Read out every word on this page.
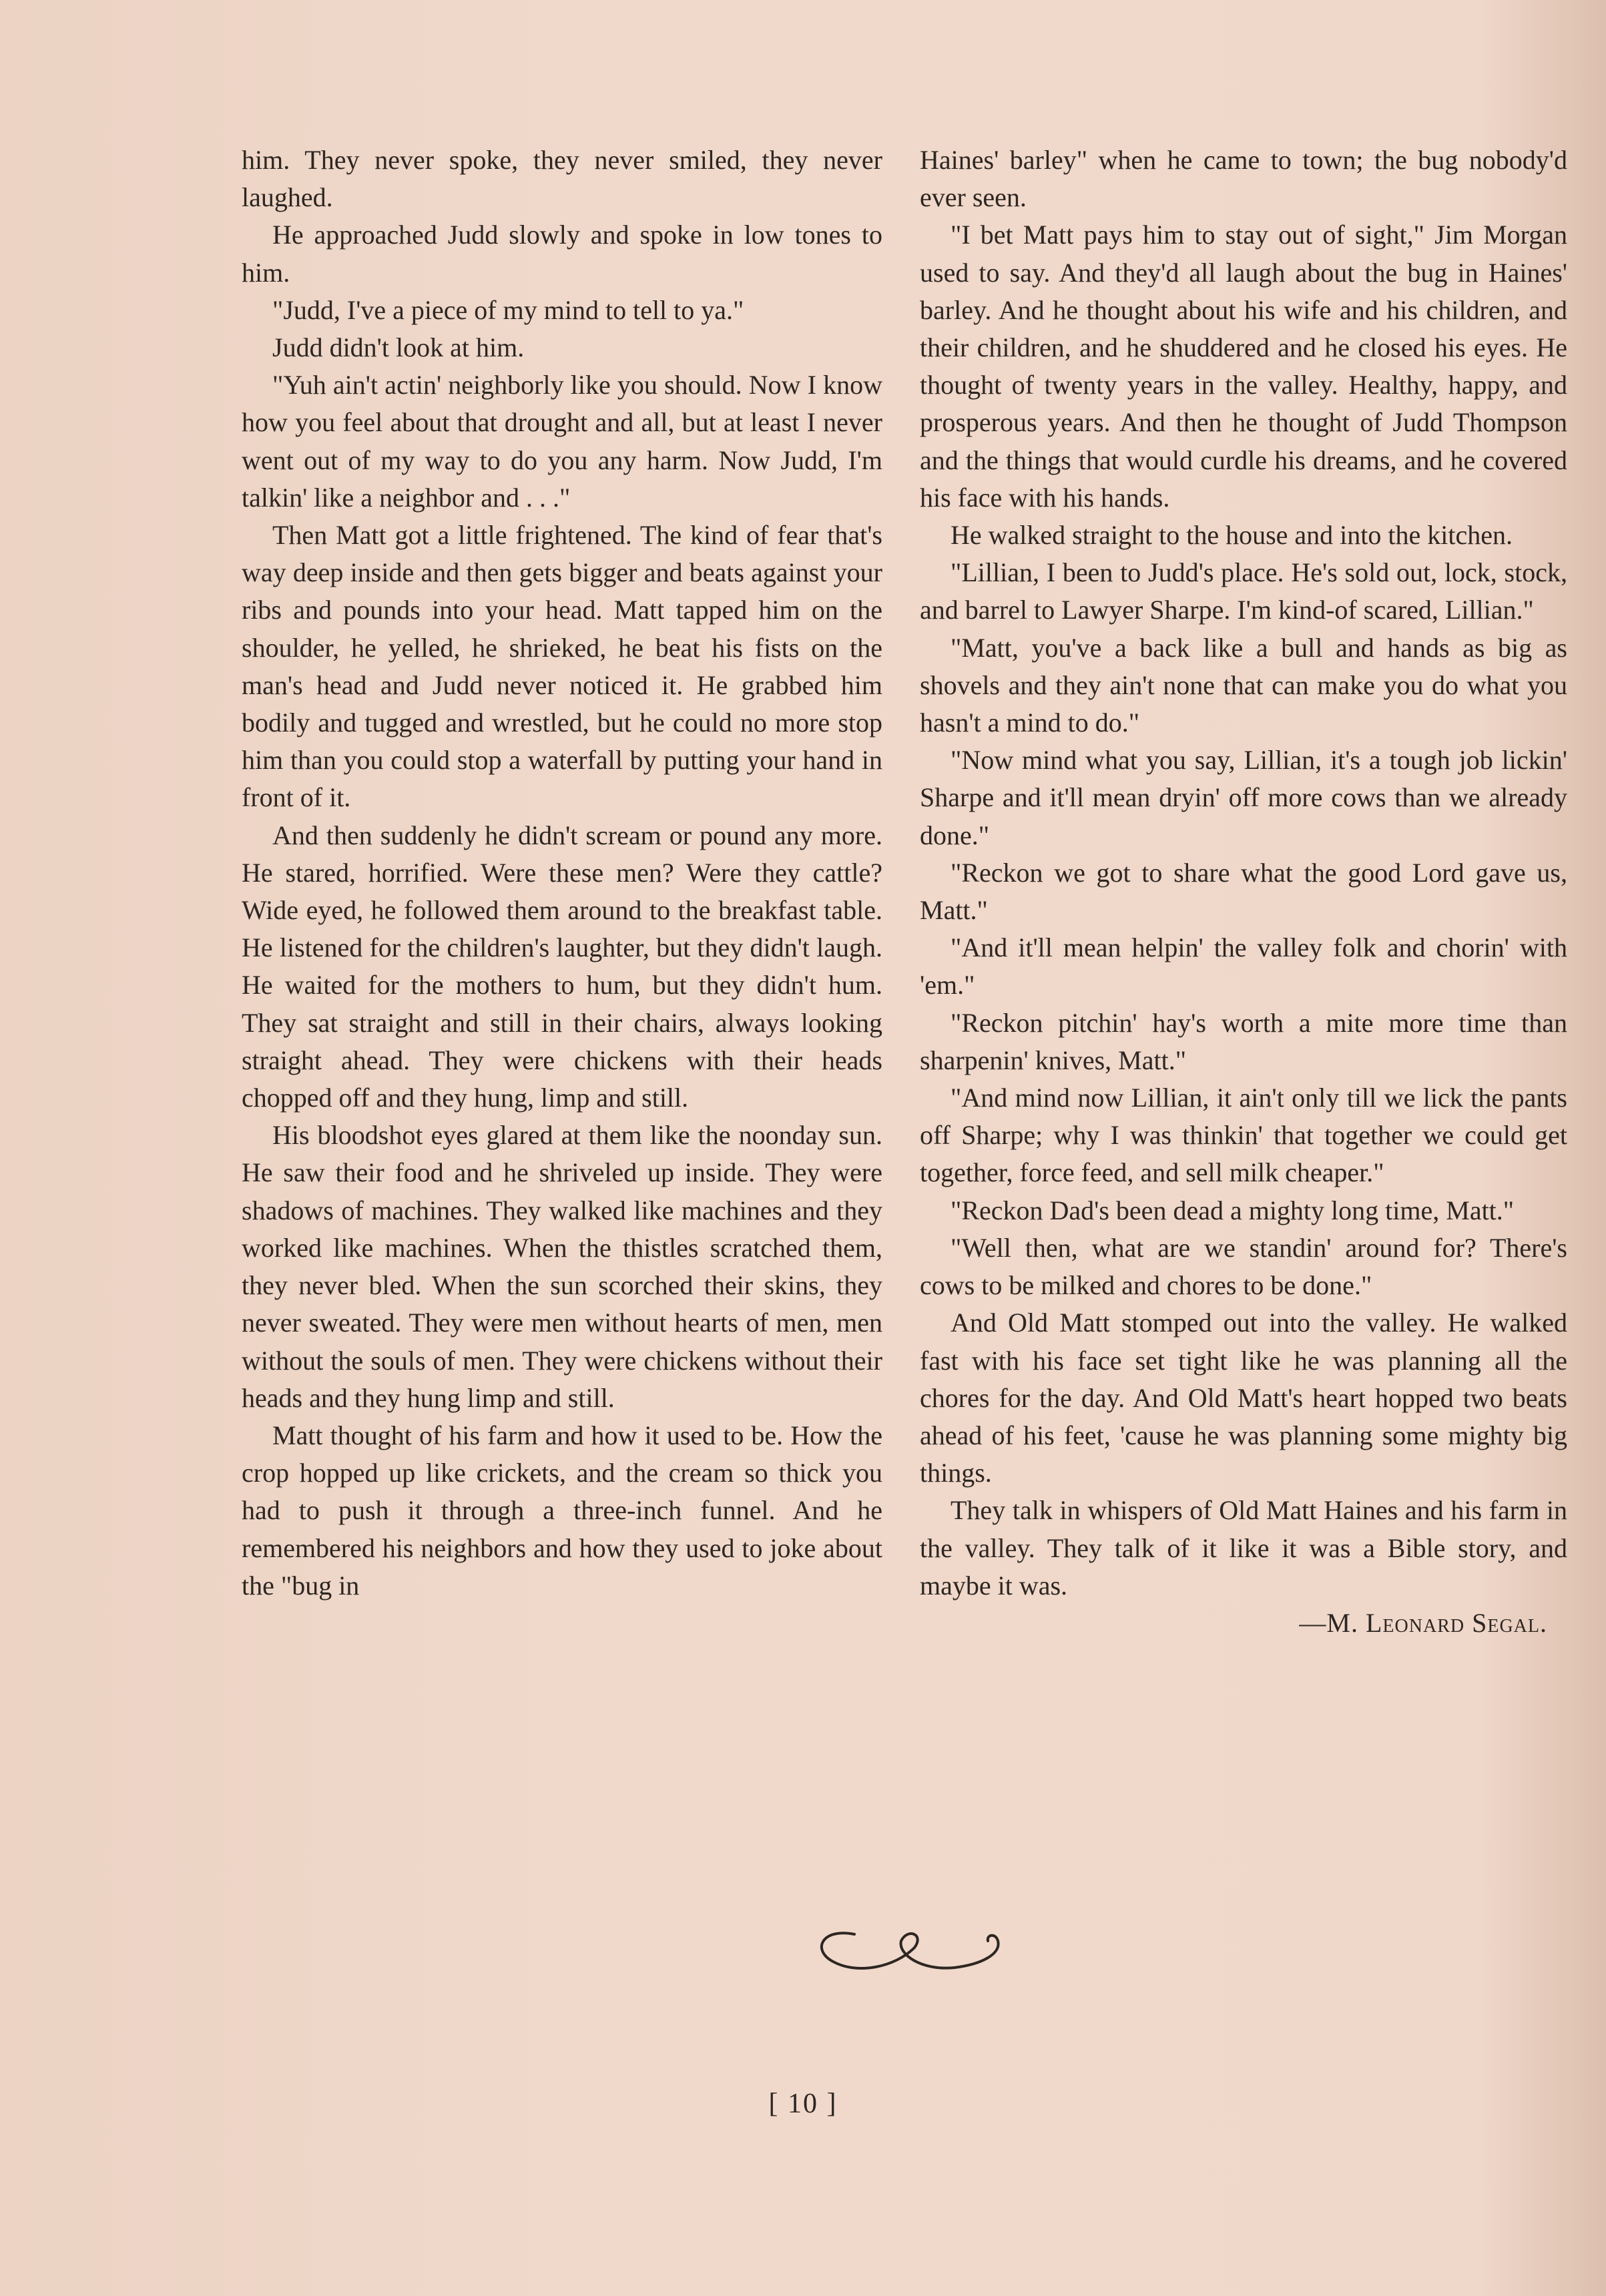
him. They never spoke, they never smiled, they never laughed.

He approached Judd slowly and spoke in low tones to him.

"Judd, I've a piece of my mind to tell to ya."

Judd didn't look at him.

"Yuh ain't actin' neighborly like you should. Now I know how you feel about that drought and all, but at least I never went out of my way to do you any harm. Now Judd, I'm talkin' like a neighbor and . . ."

Then Matt got a little frightened. The kind of fear that's way deep inside and then gets bigger and beats against your ribs and pounds into your head. Matt tapped him on the shoulder, he yelled, he shrieked, he beat his fists on the man's head and Judd never noticed it. He grabbed him bodily and tugged and wrestled, but he could no more stop him than you could stop a waterfall by putting your hand in front of it.

And then suddenly he didn't scream or pound any more. He stared, horrified. Were these men? Were they cattle? Wide eyed, he followed them around to the breakfast table. He listened for the children's laughter, but they didn't laugh. He waited for the mothers to hum, but they didn't hum. They sat straight and still in their chairs, always looking straight ahead. They were chickens with their heads chopped off and they hung, limp and still.

His bloodshot eyes glared at them like the noonday sun. He saw their food and he shriveled up inside. They were shadows of machines. They walked like machines and they worked like machines. When the thistles scratched them, they never bled. When the sun scorched their skins, they never sweated. They were men without hearts of men, men without the souls of men. They were chickens without their heads and they hung limp and still.

Matt thought of his farm and how it used to be. How the crop hopped up like crickets, and the cream so thick you had to push it through a three-inch funnel. And he remembered his neighbors and how they used to joke about the "bug in

Haines' barley" when he came to town; the bug nobody'd ever seen.

"I bet Matt pays him to stay out of sight," Jim Morgan used to say. And they'd all laugh about the bug in Haines' barley. And he thought about his wife and his children, and their children, and he shuddered and he closed his eyes. He thought of twenty years in the valley. Healthy, happy, and prosperous years. And then he thought of Judd Thompson and the things that would curdle his dreams, and he covered his face with his hands.

He walked straight to the house and into the kitchen.

"Lillian, I been to Judd's place. He's sold out, lock, stock, and barrel to Lawyer Sharpe. I'm kind-of scared, Lillian."

"Matt, you've a back like a bull and hands as big as shovels and they ain't none that can make you do what you hasn't a mind to do."

"Now mind what you say, Lillian, it's a tough job lickin' Sharpe and it'll mean dryin' off more cows than we already done."

"Reckon we got to share what the good Lord gave us, Matt."

"And it'll mean helpin' the valley folk and chorin' with 'em."

"Reckon pitchin' hay's worth a mite more time than sharpenin' knives, Matt."

"And mind now Lillian, it ain't only till we lick the pants off Sharpe; why I was thinkin' that together we could get together, force feed, and sell milk cheaper."

"Reckon Dad's been dead a mighty long time, Matt."

"Well then, what are we standin' around for? There's cows to be milked and chores to be done."

And Old Matt stomped out into the valley. He walked fast with his face set tight like he was planning all the chores for the day. And Old Matt's heart hopped two beats ahead of his feet, 'cause he was planning some mighty big things.

They talk in whispers of Old Matt Haines and his farm in the valley. They talk of it like it was a Bible story, and maybe it was.

—M. Leonard Segal.

[ 10 ]
